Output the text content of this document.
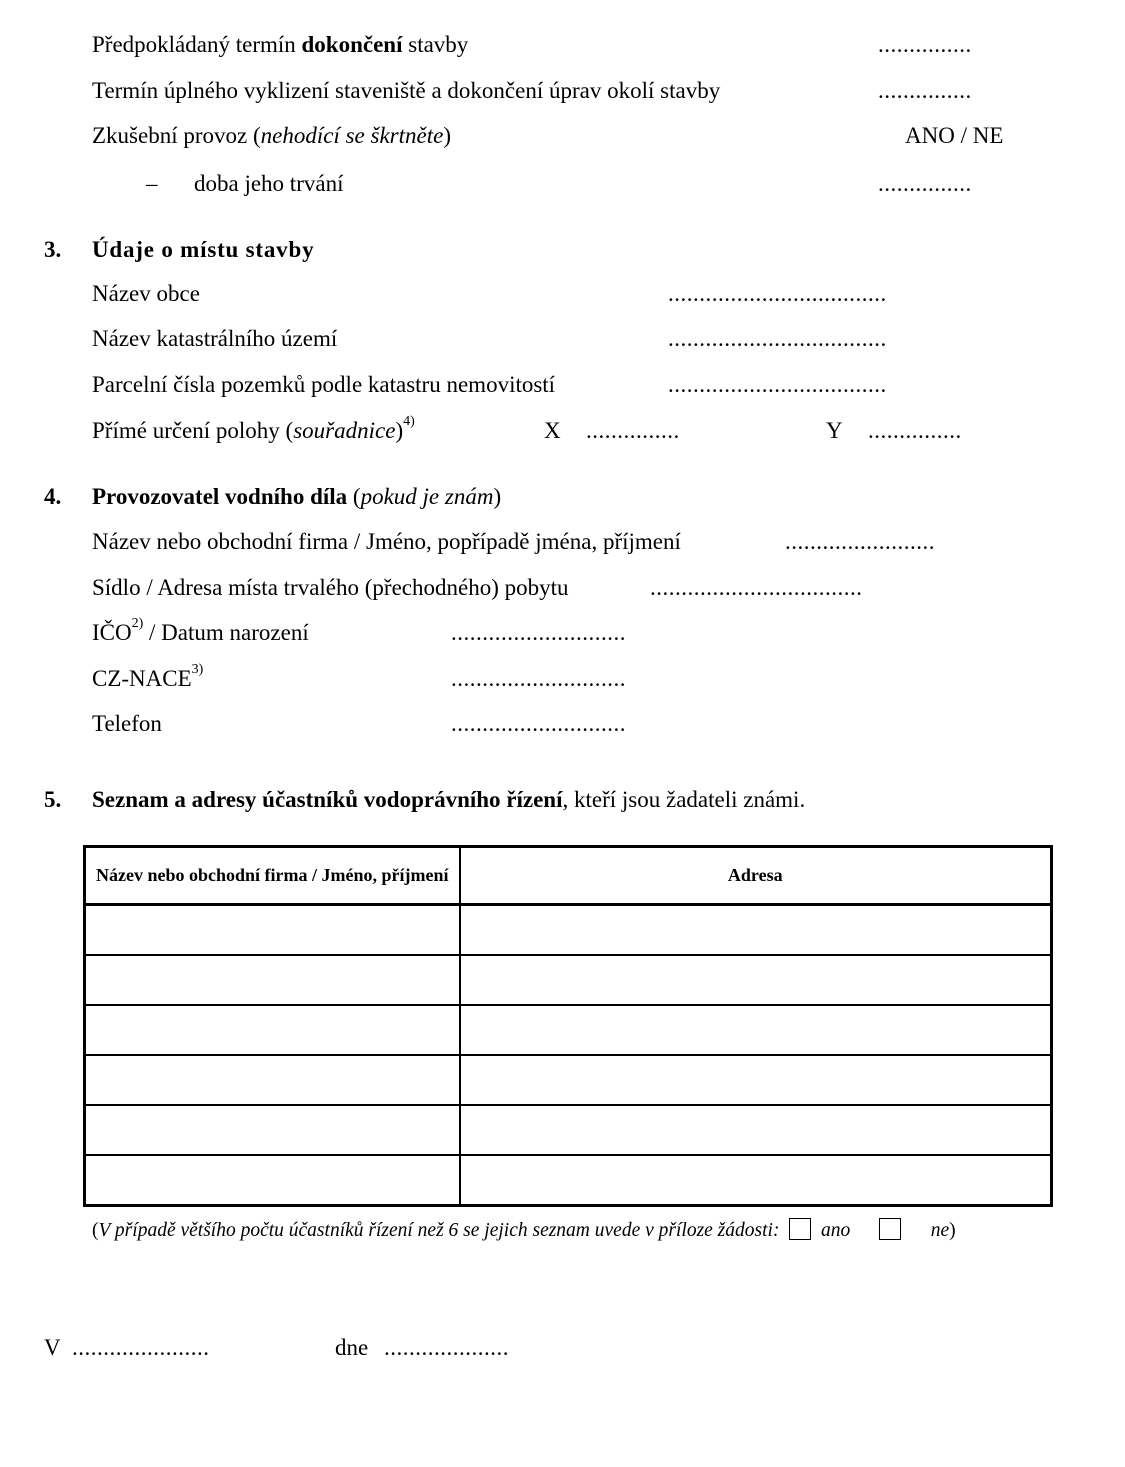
Předpokládaný termín dokončení stavby	...............
Termín úplného vyklizení staveniště a dokončení úprav okolí stavby	...............
Zkušební provoz (nehodící se škrtněte)	ANO / NE
– doba jeho trvání	...............
3. Údaje o místu stavby
Název obce	...................................
Název katastrálního území	...................................
Parcelní čísla pozemků podle katastru nemovitostí	...................................
Přímé určení polohy (souřadnice)$^{4)}$	X ...............	Y ...............
4. Provozovatel vodního díla (pokud je znám)
Název nebo obchodní firma / Jméno, popřípadě jména, příjmení	........................
Sídlo / Adresa místa trvalého (přechodného) pobytu	..................................
IČO$^{2)}$ / Datum narození	............................
CZ-NACE$^{3)}$	............................
Telefon	............................
5. Seznam a adresy účastníků vodoprávního řízení, kteří jsou žadateli známi.
Název nebo obchodní firma / Jméno, příjmení	Adresa

(V případě většího počtu účastníků řízení než 6 se jejich seznam uvede v příloze žádosti: ano	ne)
V ......................	dne ....................
